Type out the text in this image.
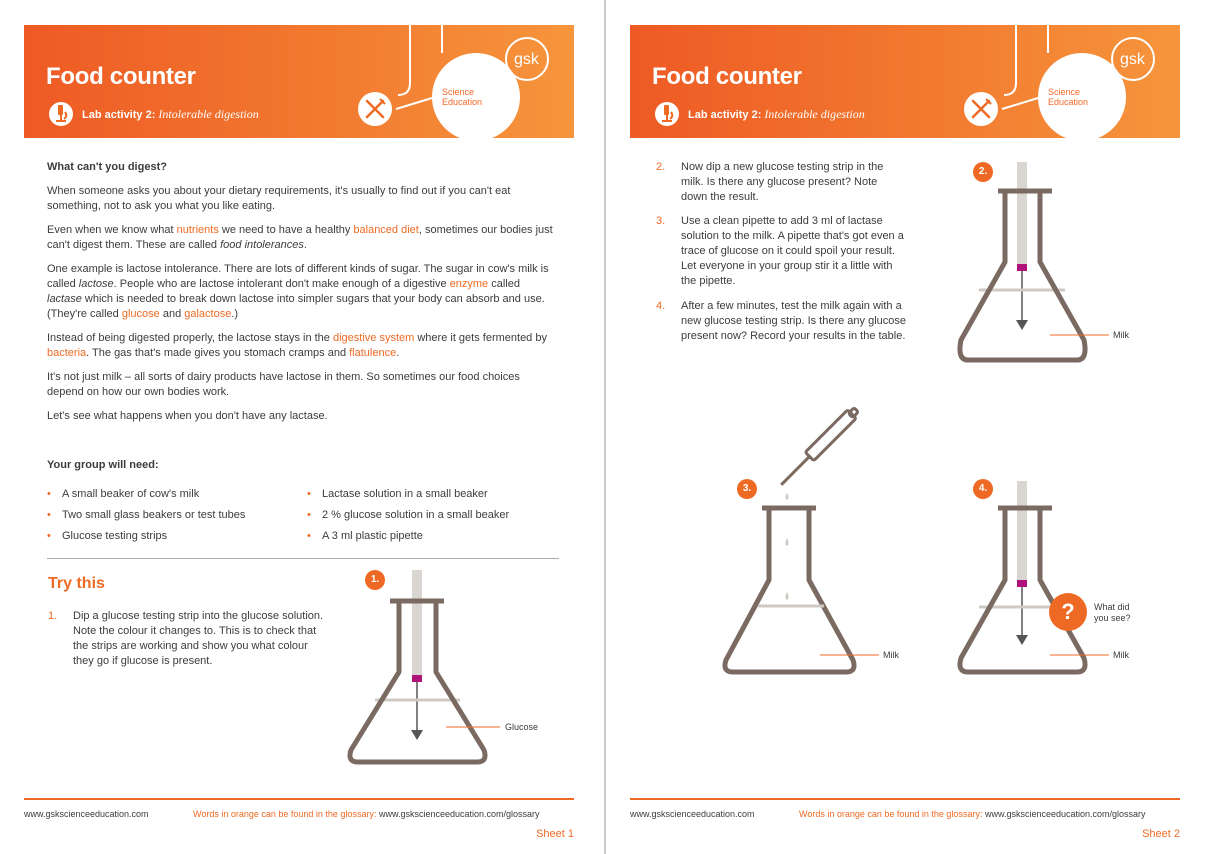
Food counter
Lab activity 2: Intolerable digestion
gsk
Science
Education
What can't you digest?

When someone asks you about your dietary requirements, it's usually to find out if you can't eat something, not to ask you what you like eating.

Even when we know what nutrients we need to have a healthy balanced diet, sometimes our bodies just can't digest them. These are called food intolerances.

One example is lactose intolerance. There are lots of different kinds of sugar. The sugar in cow's milk is called lactose. People who are lactose intolerant don't make enough of a digestive enzyme called lactase which is needed to break down lactose into simpler sugars that your body can absorb and use. (They're called glucose and galactose.)

Instead of being digested properly, the lactose stays in the digestive system where it gets fermented by bacteria. The gas that's made gives you stomach cramps and flatulence.

It's not just milk – all sorts of dairy products have lactose in them. So sometimes our food choices depend on how our own bodies work.

Let's see what happens when you don't have any lactase.

Your group will need:
• A small beaker of cow's milk
• Two small glass beakers or test tubes
• Glucose testing strips
• Lactase solution in a small beaker
• 2 % glucose solution in a small beaker
• A 3 ml plastic pipette
Try this
1.	Dip a glucose testing strip into the glucose solution. Note the colour it changes to. This is to check that the strips are working and show you what colour they go if glucose is present.
1.
Glucose
www.gskscienceeducation.com	Words in orange can be found in the glossary: www.gskscienceeducation.com/glossary
Sheet 1
Food counter
Lab activity 2: Intolerable digestion
gsk
Science
Education
2.	Now dip a new glucose testing strip in the milk. Is there any glucose present? Note down the result.
3.	Use a clean pipette to add 3 ml of lactase solution to the milk. A pipette that's got even a trace of glucose on it could spoil your result. Let everyone in your group stir it a little with the pipette.
4.	After a few minutes, test the milk again with a new glucose testing strip. Is there any glucose present now? Record your results in the table.
2.
Milk
3.
Milk
4.
?	What did
you see?
Milk
www.gskscienceeducation.com	Words in orange can be found in the glossary: www.gskscienceeducation.com/glossary
Sheet 2
